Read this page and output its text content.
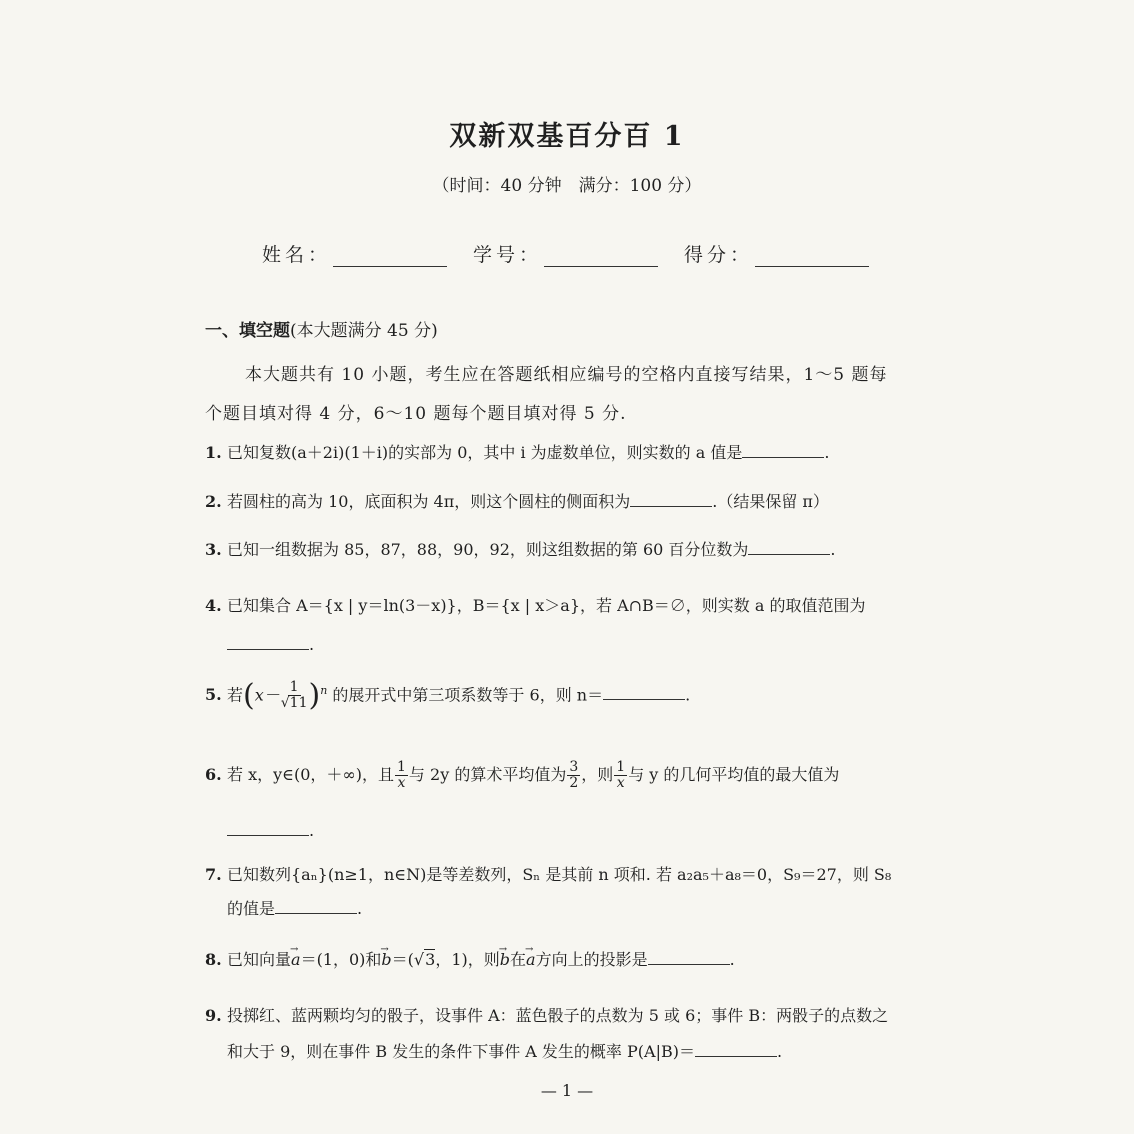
双新双基百分百 1
（时间：40 分钟　满分：100 分）
姓名：	学号：	得分：
一、填空题(本大题满分 45 分)
本大题共有 10 小题，考生应在答题纸相应编号的空格内直接写结果，1～5 题每个题目填对得 4 分，6～10 题每个题目填对得 5 分.
1. 已知复数(a＋2i)(1＋i)的实部为 0，其中 i 为虚数单位，则实数的 a 值是	.
2. 若圆柱的高为 10，底面积为 4π，则这个圆柱的侧面积为	.（结果保留 π）
3. 已知一组数据为 85，87，88，90，92，则这组数据的第 60 百分位数为	.
4. 已知集合 A＝{x | y＝ln(3－x)}，B＝{x | x＞a}，若 A∩B＝∅，则实数 a 的取值范围为
.
5. 若$(x- \frac{1}{√11} )^n$ 的展开式中第三项系数等于 6，则 n＝	.
6. 若 x，y∈(0，＋∞)，且 $\frac{1}{x}$ 与 2y 的算术平均值为 $\frac{3}{2}$ ，则 $\frac{1}{x}$ 与 y 的几何平均值的最大值为
.
7. 已知数列{aₙ}(n≥1，n∈N)是等差数列，Sₙ 是其前 n 项和. 若 a₂a₅＋a₈＝0，S₉＝27，则 S₈
的值是	.
8. 已知向量→ a＝(1，0)和→ b＝(√3，1)，则→ b在→ a方向上的投影是	.
9. 投掷红、蓝两颗均匀的骰子，设事件 A：蓝色骰子的点数为 5 或 6；事件 B：两骰子的点数之
和大于 9，则在事件 B 发生的条件下事件 A 发生的概率 P(A|B)＝	.
— 1 —
